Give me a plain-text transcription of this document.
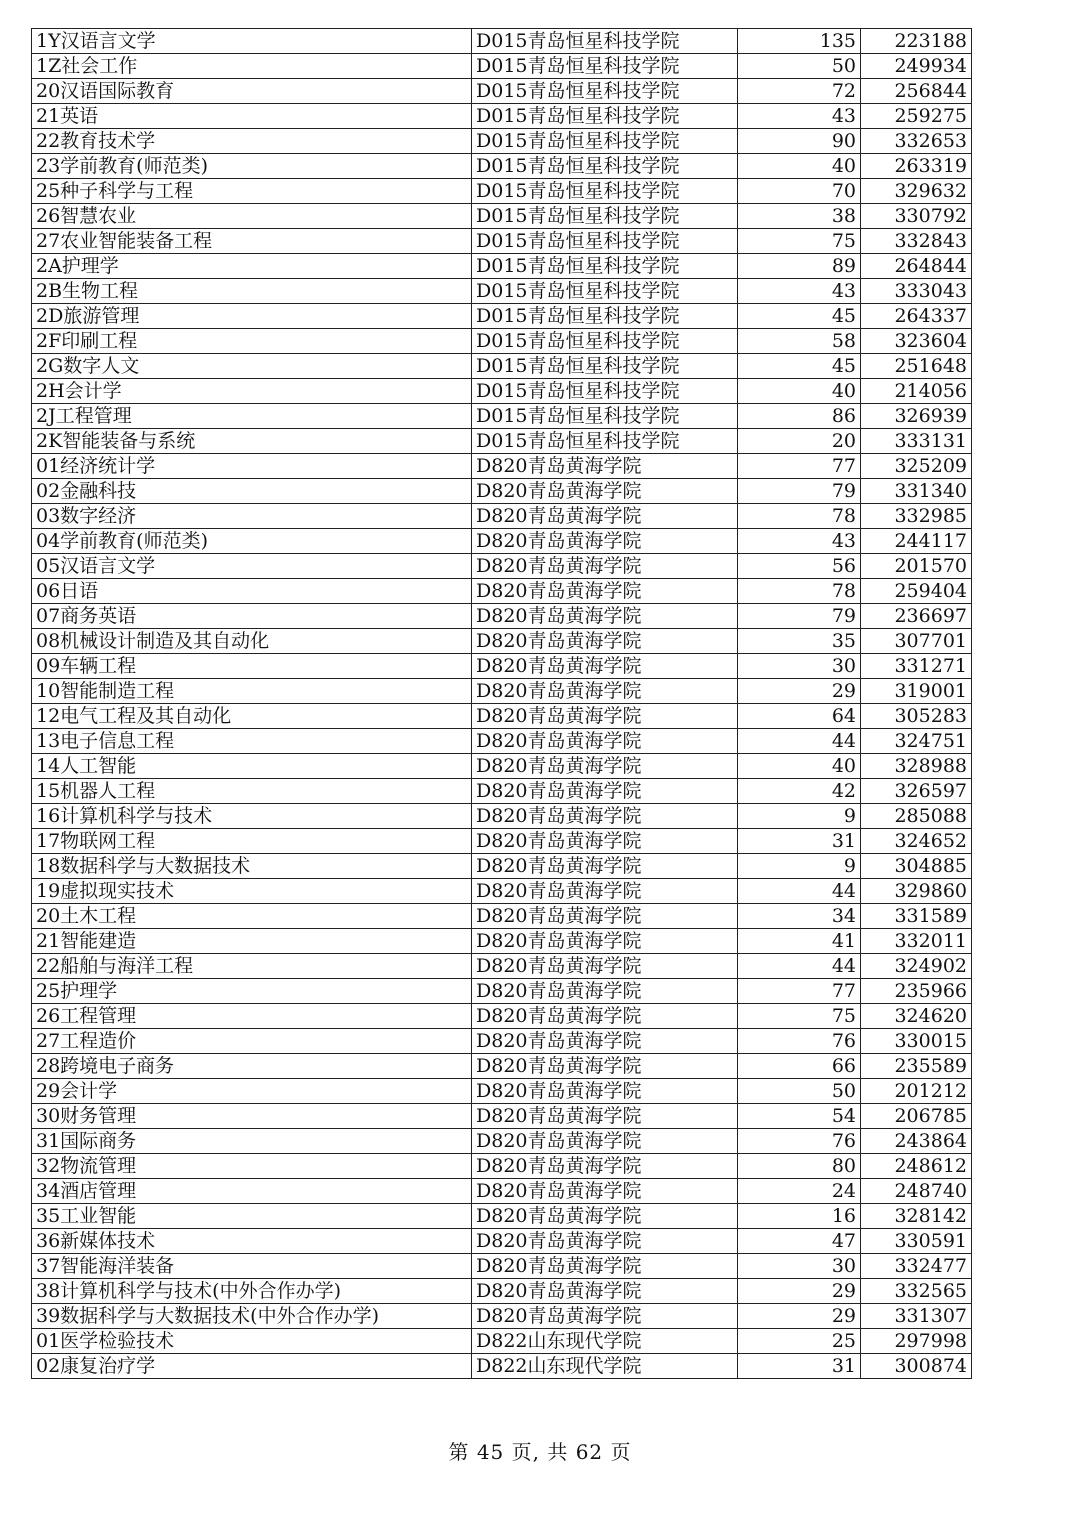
1Y汉语言文学	D015青岛恒星科技学院	135	223188
1Z社会工作	D015青岛恒星科技学院	50	249934
20汉语国际教育	D015青岛恒星科技学院	72	256844
21英语	D015青岛恒星科技学院	43	259275
22教育技术学	D015青岛恒星科技学院	90	332653
23学前教育(师范类)	D015青岛恒星科技学院	40	263319
25种子科学与工程	D015青岛恒星科技学院	70	329632
26智慧农业	D015青岛恒星科技学院	38	330792
27农业智能装备工程	D015青岛恒星科技学院	75	332843
2A护理学	D015青岛恒星科技学院	89	264844
2B生物工程	D015青岛恒星科技学院	43	333043
2D旅游管理	D015青岛恒星科技学院	45	264337
2F印刷工程	D015青岛恒星科技学院	58	323604
2G数字人文	D015青岛恒星科技学院	45	251648
2H会计学	D015青岛恒星科技学院	40	214056
2J工程管理	D015青岛恒星科技学院	86	326939
2K智能装备与系统	D015青岛恒星科技学院	20	333131
01经济统计学	D820青岛黄海学院	77	325209
02金融科技	D820青岛黄海学院	79	331340
03数字经济	D820青岛黄海学院	78	332985
04学前教育(师范类)	D820青岛黄海学院	43	244117
05汉语言文学	D820青岛黄海学院	56	201570
06日语	D820青岛黄海学院	78	259404
07商务英语	D820青岛黄海学院	79	236697
08机械设计制造及其自动化	D820青岛黄海学院	35	307701
09车辆工程	D820青岛黄海学院	30	331271
10智能制造工程	D820青岛黄海学院	29	319001
12电气工程及其自动化	D820青岛黄海学院	64	305283
13电子信息工程	D820青岛黄海学院	44	324751
14人工智能	D820青岛黄海学院	40	328988
15机器人工程	D820青岛黄海学院	42	326597
16计算机科学与技术	D820青岛黄海学院	9	285088
17物联网工程	D820青岛黄海学院	31	324652
18数据科学与大数据技术	D820青岛黄海学院	9	304885
19虚拟现实技术	D820青岛黄海学院	44	329860
20土木工程	D820青岛黄海学院	34	331589
21智能建造	D820青岛黄海学院	41	332011
22船舶与海洋工程	D820青岛黄海学院	44	324902
25护理学	D820青岛黄海学院	77	235966
26工程管理	D820青岛黄海学院	75	324620
27工程造价	D820青岛黄海学院	76	330015
28跨境电子商务	D820青岛黄海学院	66	235589
29会计学	D820青岛黄海学院	50	201212
30财务管理	D820青岛黄海学院	54	206785
31国际商务	D820青岛黄海学院	76	243864
32物流管理	D820青岛黄海学院	80	248612
34酒店管理	D820青岛黄海学院	24	248740
35工业智能	D820青岛黄海学院	16	328142
36新媒体技术	D820青岛黄海学院	47	330591
37智能海洋装备	D820青岛黄海学院	30	332477
38计算机科学与技术(中外合作办学)	D820青岛黄海学院	29	332565
39数据科学与大数据技术(中外合作办学)	D820青岛黄海学院	29	331307
01医学检验技术	D822山东现代学院	25	297998
02康复治疗学	D822山东现代学院	31	300874
第 45 页, 共 62 页
